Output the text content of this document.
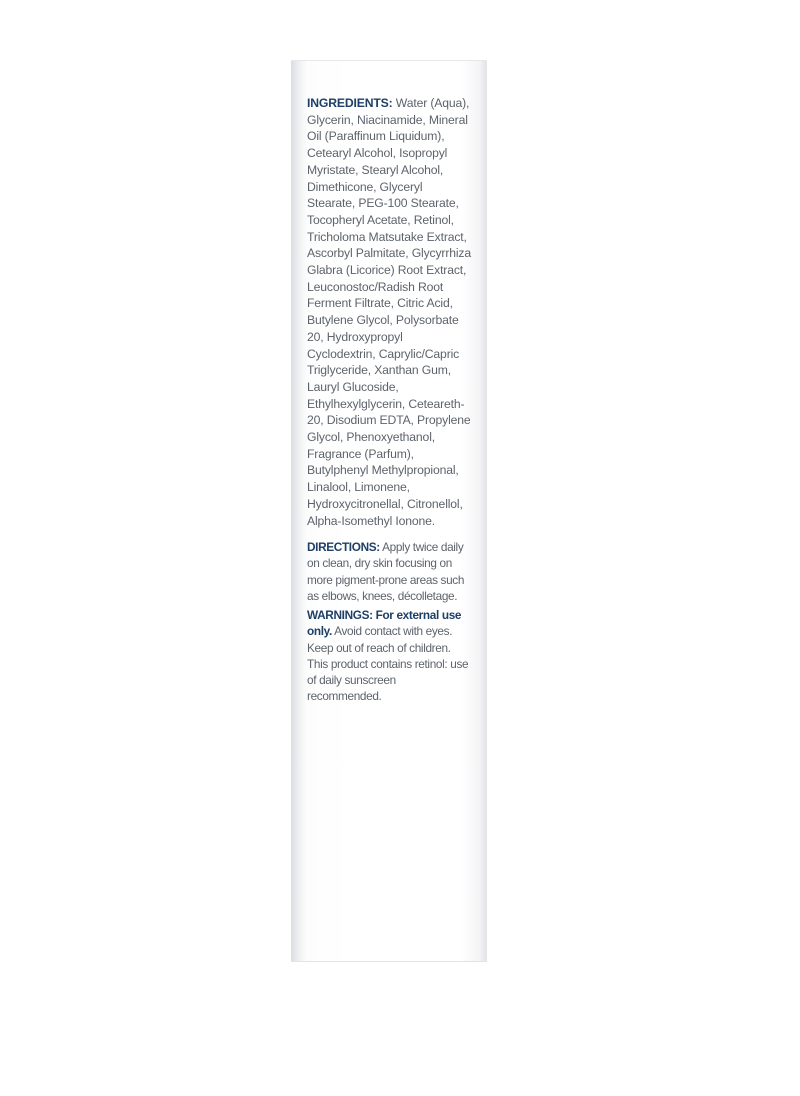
INGREDIENTS: Water (Aqua), Glycerin, Niacinamide, Mineral Oil (Paraffinum Liquidum), Cetearyl Alcohol, Isopropyl Myristate, Stearyl Alcohol, Dimethicone, Glyceryl Stearate, PEG-100 Stearate, Tocopheryl Acetate, Retinol, Tricholoma Matsutake Extract, Ascorbyl Palmitate, Glycyrrhiza Glabra (Licorice) Root Extract, Leuconostoc/Radish Root Ferment Filtrate, Citric Acid, Butylene Glycol, Polysorbate 20, Hydroxypropyl Cyclodextrin, Caprylic/Capric Triglyceride, Xanthan Gum, Lauryl Glucoside, Ethylhexylglycerin, Ceteareth-20, Disodium EDTA, Propylene Glycol, Phenoxyethanol, Fragrance (Parfum), Butylphenyl Methylpropional, Linalool, Limonene, Hydroxycitronellal, Citronellol, Alpha-Isomethyl Ionone.

DIRECTIONS: Apply twice daily on clean, dry skin focusing on more pigment-prone areas such as elbows, knees, décolletage.

WARNINGS: For external use only. Avoid contact with eyes. Keep out of reach of children. This product contains retinol: use of daily sunscreen recommended.
